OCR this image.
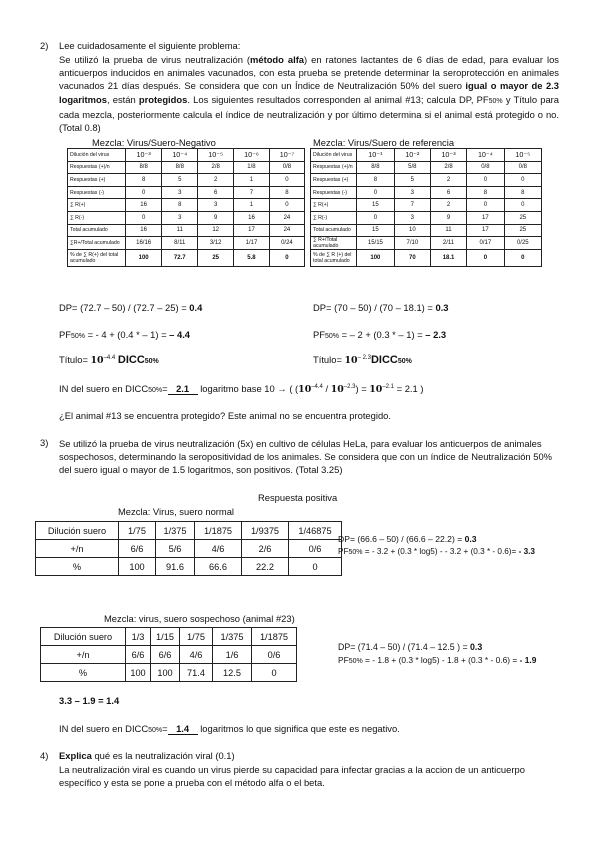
2) Lee cuidadosamente el siguiente problema:
Se utilizó la prueba de virus neutralización (método alfa) en ratones lactantes de 6 días de edad, para evaluar los anticuerpos inducidos en animales vacunados, con esta prueba se pretende determinar la seroprotección en animales vacunados 21 días después. Se considera que con un Índice de Neutralización 50% del suero igual o mayor de 2.3 logaritmos, están protegidos. Los siguientes resultados corresponden al animal #13; calcula DP, PF50% y Título para cada mezcla, posteriormente calcula el índice de neutralización y por último determina si el animal está protegido o no. (Total 0.8)
Mezcla: Virus/Suero-Negativo
Dilución del virus	10⁻³	10⁻⁴	10⁻⁵	10⁻⁶	10⁻⁷
Respuestas (+)/n	8/8	8/8	2/8	1/8	0/8
Respuestas (+)	8	5	2	1	0
Respuestas (-)	0	3	6	7	8
∑ R(+)	16	8	3	1	0
∑ R(-)	0	3	9	16	24
Total acumulado	16	11	12	17	24
∑R+/Total acumulado	16/16	8/11	3/12	1/17	0/24
% de ∑ R(+) del total acumulado	100	72.7	25	5.8	0
Mezcla: Virus/Suero de referencia
Dilución del virus	10⁻¹	10⁻²	10⁻³	10⁻⁴	10⁻⁵
Respuestas (+)/n	8/8	5/8	2/8	0/8	0/8
Respuestas (+)	8	5	2	0	0
Respuestas (-)	0	3	6	8	8
∑ R(+)	15	7	2	0	0
∑ R(-)	0	3	9	17	25
Total acumulado	15	10	11	17	25
∑ R+/Total acumulado	15/15	7/10	2/11	0/17	0/25
% de ∑ R (+) del total acumulado	100	70	18.1	0	0
DP= (72.7 – 50) / (72.7 – 25) = 0.4	DP= (70 – 50) / (70 – 18.1) = 0.3
PF50% = - 4 + (0.4 * – 1) = – 4.4	PF50% = – 2 + (0.3 * – 1) = – 2.3
Título= $10^{-4.4}$ DICC50%	Título= $10^{- 2.3}DICC50\%$
IN del suero en DICC50%= 2.1 logaritmo base 10 → ( $(10^{-4.4} / 10^{-2.3}) = 10^{-2.1} = 2.1$ )
¿El animal #13 se encuentra protegido? Este animal no se encuentra protegido.
3) Se utilizó la prueba de virus neutralización (5x) en cultivo de células HeLa, para evaluar los anticuerpos de animales sospechosos, determinando la seropositividad de los animales. Se considera que con un índice de Neutralización 50% del suero igual o mayor de 1.5 logaritmos, son positivos. (Total 3.25)
Respuesta positiva
Mezcla: Virus, suero normal
Dilución suero	1/75	1/375	1/1875	1/9375	1/46875
+/n	6/6	5/6	4/6	2/6	0/6
%	100	91.6	66.6	22.2	0
DP= (66.6 – 50) / (66.6 – 22.2) = 0.3
PF50% = - 3.2 + (0.3 * log5) - - 3.2 + (0.3 * - 0.6)= - 3.3
Mezcla: virus, suero sospechoso (animal #23)
Dilución suero	1/3	1/15	1/75	1/375	1/1875
+/n	6/6	6/6	4/6	1/6	0/6
%	100	100	71.4	12.5	0
DP= (71.4 – 50) / (71.4 – 12.5 ) = 0.3
PF50% = - 1.8 + (0.3 * log5) - 1.8 + (0.3 * - 0.6) = - 1.9
3.3 – 1.9 = 1.4
IN del suero en DICC50%= 1.4 logaritmos lo que significa que este es negativo.
4) Explica qué es la neutralización viral (0.1)
La neutralización viral es cuando un virus pierde su capacidad para infectar gracias a la accion de un anticuerpo específico y esta se pone a prueba con el método alfa o el beta.
